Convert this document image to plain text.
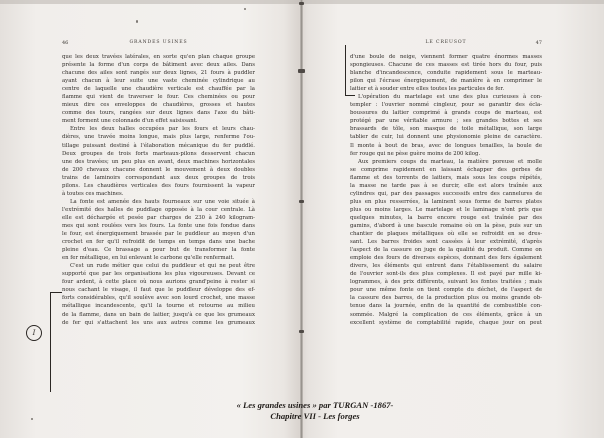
46	GRANDES USINES
que les deux travées latérales, en sorte qu'en plan chaque groupe
présente la forme d'un corps de bâtiment avec deux ailes. Dans
chacune des ailes sont rangés sur deux lignes, 21 fours à puddler
ayant chacun à leur suite une vaste cheminée cylindrique au
centre de laquelle une chaudière verticale est chauffée par la
flamme qui vient de traverser le four. Ces cheminées ou pour
mieux dire ces enveloppes de chaudières, grosses et hautes
comme des tours, rangées sur deux lignes dans l'axe du bâti-
ment forment une colonnade d'un effet saisissant.
Entre les deux halles occupées par les fours et leurs chau-
dières, une travée moins longue, mais plus large, renferme l'ou-
tillage puissant destiné à l'élaboration mécanique du fer puddlé.
Deux groupes de trois forts marteaux-pilons desservent chacun
une des travées; un peu plus en avant, deux machines horizontales
de 200 chevaux chacune donnent le mouvement à deux doubles
trains de laminoirs correspondant aux deux groupes de trois
pilons. Les chaudières verticales des fours fournissent la vapeur
à toutes ces machines.
La fonte est amenée des hauts fourneaux sur une voie située à
l'extrémité des halles de puddlage opposée à la cour centrale. Là
elle est déchargée et pesée par charges de 230 à 240 kilogram-
mes qui sont roulées vers les fours. La fonte une fois fondue dans
le four, est énergiquement brassée par le puddleur au moyen d'un
crochet en fer qu'il refroidit de temps en temps dans une bache
pleine d'eau. Ce brassage a pour but de transformer la fonte
en fer métallique, en lui enlevant le carbone qu'elle renfermait.
C'est un rude métier que celui du puddleur et qui ne peut être
supporté que par les organisations les plus vigoureuses. Devant ce
four ardent, à cette place où nous aurions grand'peine à rester si
nous cachant le visage, il faut que le puddleur développe des ef-
forts considérables, qu'il soulève avec son lourd crochet, une masse
métallique incandescente, qu'il la tourne et retourne au milieu
de la flamme, dans un bain de laitier, jusqu'à ce que les grumeaux
de fer qui s'attachent les uns aux autres comme les grumeaux
LE CREUSOT	47
d'une boule de neige, viennent former quatre énormes masses
spongieuses. Chacune de ces masses est tirée hors du four, puis
blanche d'incandescence, conduite rapidement sous le marteau-
pilon qui l'écrase énergiquement, de manière à en comprimer le
laitier et à souder entre elles toutes les particules de fer.
L'opération du martelage est une des plus curieuses à con-
templer : l'ouvrier nommé cingleur, pour se garantir des écla-
boussures du laitier comprimé à grands coups de marteau, est
protégé par une véritable armure ; ses grandes bottes et ses
brassards de tôle, son masque de toile métallique, son large
tablier de cuir, lui donnent une physionomie pleine de caractère.
Il monte à bout de bras, avec de longues tenailles, la boule de
fer rouge qui ne pèse guère moins de 200 kilog.
Aux premiers coups du marteau, la matière poreuse et molle
se comprime rapidement en laissant échapper des gerbes de
flamme et des torrents de laitiers, mais sous les coups répétés,
la masse ne tarde pas à se durcir, elle est alors traînée aux
cylindres qui, par des passages successifs entre des cannelures de
plus en plus resserrées, la laminent sous forme de barres plates
plus ou moins larges. Le martelage et le laminage n'ont pris que
quelques minutes, la barre encore rouge est traînée par des
gamins, d'abord à une bascule romaine où on la pèse, puis sur un
chantier de plaques métalliques où elle se refroidit en se dres-
sant. Les barres froides sont cassées à leur extrémité, d'après
l'aspect de la cassure on juge de la qualité du produit. Comme on
emploie des fours de diverses espèces, donnant des fers également
divers, les éléments qui entrent dans l'établissement du salaire
de l'ouvrier sont-ils des plus complexes. Il est payé par mille ki-
logrammes, à des prix différents, suivant les fontes traitées ; mais
pour une même fonte on tient compte du déchet, de l'aspect de
la cassure des barres, de la production plus ou moins grande ob-
tenue dans la journée, enfin de la quantité de combustible con-
sommée. Malgré la complication de ces éléments, grâce à un
excellent système de comptabilité rapide, chaque jour on peut
I
« Les grandes usines » par TURGAN -1867-
Chapitre VII - Les forges
